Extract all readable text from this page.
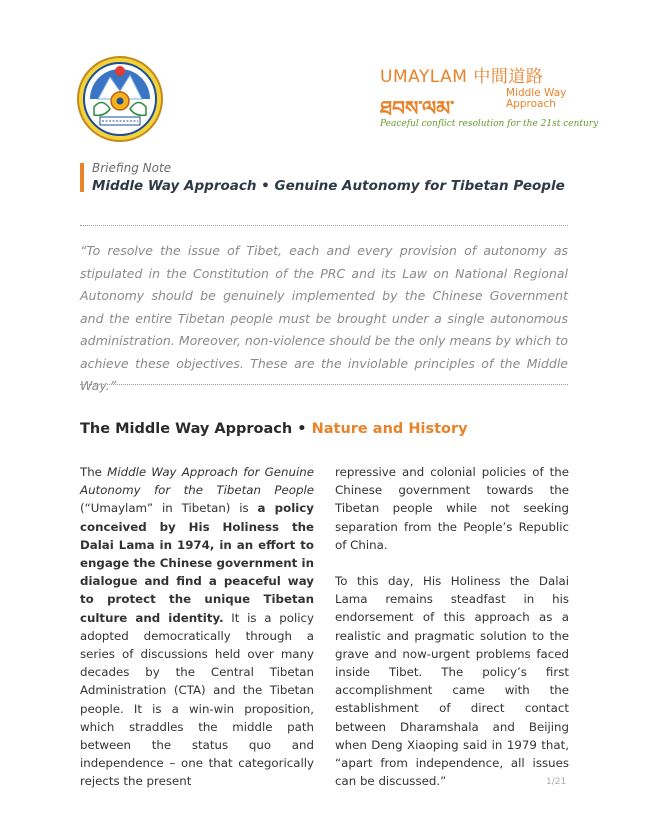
UMAYLAM 中間道路
ཐབས་ལམ་
Middle Way
Approach
Peaceful conflict resolution for the 21st century
Briefing Note
Middle Way Approach • Genuine Autonomy for Tibetan People

“To resolve the issue of Tibet, each and every provision of autonomy as stipulated in the Constitution of the PRC and its Law on National Regional Autonomy should be genuinely implemented by the Chinese Government and the entire Tibetan people must be brought under a single autonomous administration. Moreover, non-violence should be the only means by which to achieve these objectives. These are the inviolable principles of the Middle Way.”

The Middle Way Approach • Nature and History

The Middle Way Approach for Genuine Autonomy for the Tibetan People (“Umaylam” in Tibetan) is a policy conceived by His Holiness the Dalai Lama in 1974, in an effort to engage the Chinese government in dialogue and find a peaceful way to protect the unique Tibetan culture and identity. It is a policy adopted democratically through a series of discussions held over many decades by the Central Tibetan Administration (CTA) and the Tibetan people. It is a win-win proposition, which straddles the middle path between the status quo and independence – one that categorically rejects the present

repressive and colonial policies of the Chinese government towards the Tibetan people while not seeking separation from the People’s Republic of China.

To this day, His Holiness the Dalai Lama remains steadfast in his endorsement of this approach as a realistic and pragmatic solution to the grave and now-urgent problems faced inside Tibet. The policy’s first accomplishment came with the establishment of direct contact between Dharamshala and Beijing when Deng Xiaoping said in 1979 that, “apart from independence, all issues can be discussed.”	1/21
